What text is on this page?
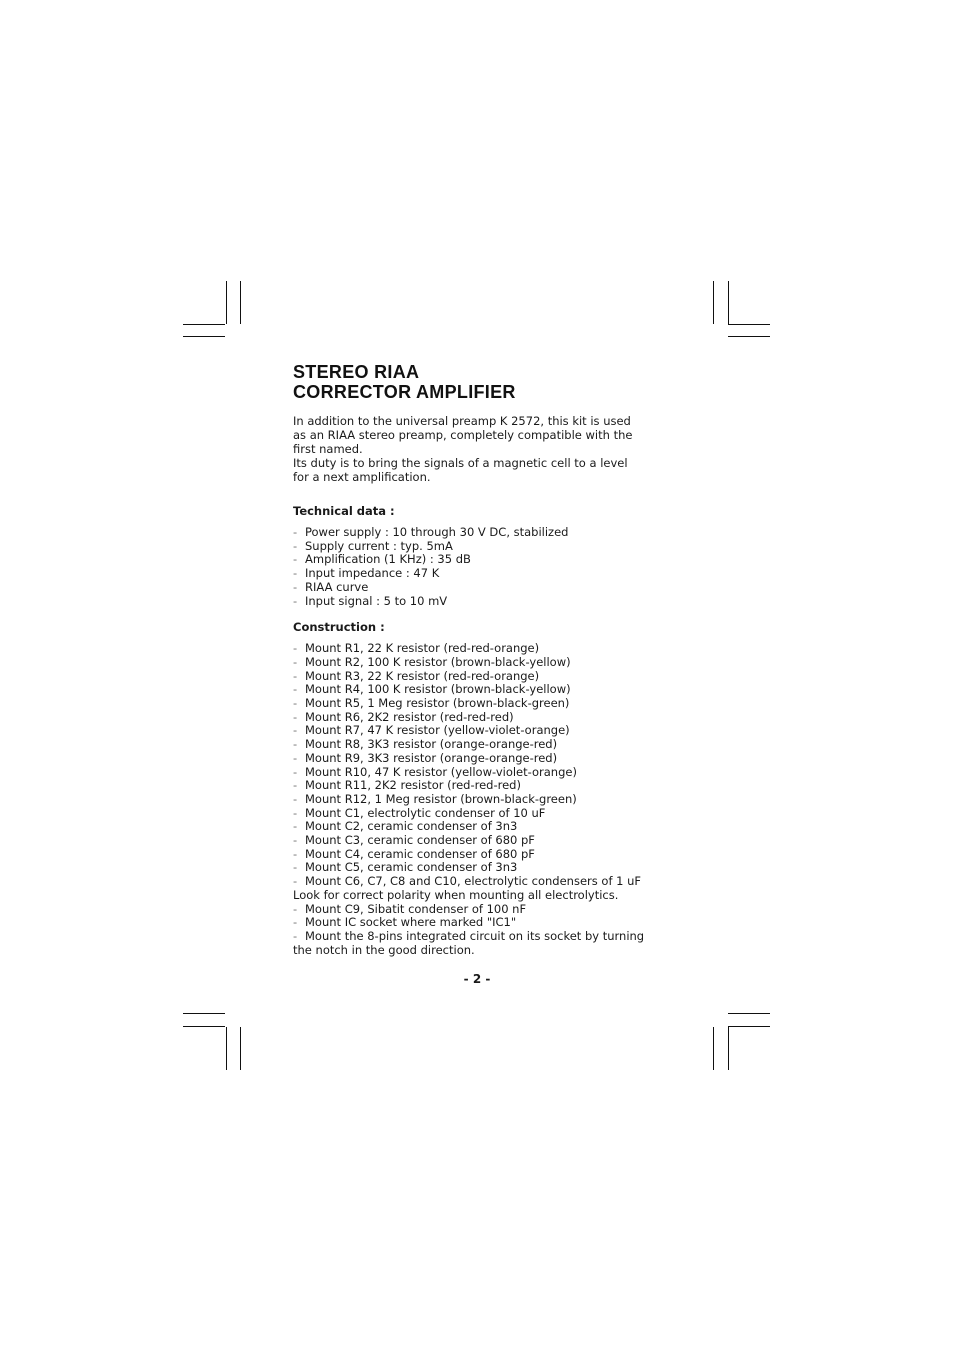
STEREO RIAA
CORRECTOR AMPLIFIER

In addition to the universal preamp K 2572, this kit is used

as an RIAA stereo preamp, completely compatible with the

first named.

Its duty is to bring the signals of a magnetic cell to a level

for a next amplification.

Technical data :
- Power supply : 10 through 30 V DC, stabilized
- Supply current : typ. 5mA
- Amplification (1 KHz) : 35 dB
- Input impedance : 47 K
- RIAA curve
- Input signal : 5 to 10 mV
Construction :
- Mount R1, 22 K resistor (red-red-orange)
- Mount R2, 100 K resistor (brown-black-yellow)
- Mount R3, 22 K resistor (red-red-orange)
- Mount R4, 100 K resistor (brown-black-yellow)
- Mount R5, 1 Meg resistor (brown-black-green)
- Mount R6, 2K2 resistor (red-red-red)
- Mount R7, 47 K resistor (yellow-violet-orange)
- Mount R8, 3K3 resistor (orange-orange-red)
- Mount R9, 3K3 resistor (orange-orange-red)
- Mount R10, 47 K resistor (yellow-violet-orange)
- Mount R11, 2K2 resistor (red-red-red)
- Mount R12, 1 Meg resistor (brown-black-green)
- Mount C1, electrolytic condenser of 10 uF
- Mount C2, ceramic condenser of 3n3
- Mount C3, ceramic condenser of 680 pF
- Mount C4, ceramic condenser of 680 pF
- Mount C5, ceramic condenser of 3n3
- Mount C6, C7, C8 and C10, electrolytic condensers of 1 uF

Look for correct polarity when mounting all electrolytics.

- Mount C9, Sibatit condenser of 100 nF
- Mount IC socket where marked "IC1"
- Mount the 8-pins integrated circuit on its socket by turning

the notch in the good direction.

- 2 -
